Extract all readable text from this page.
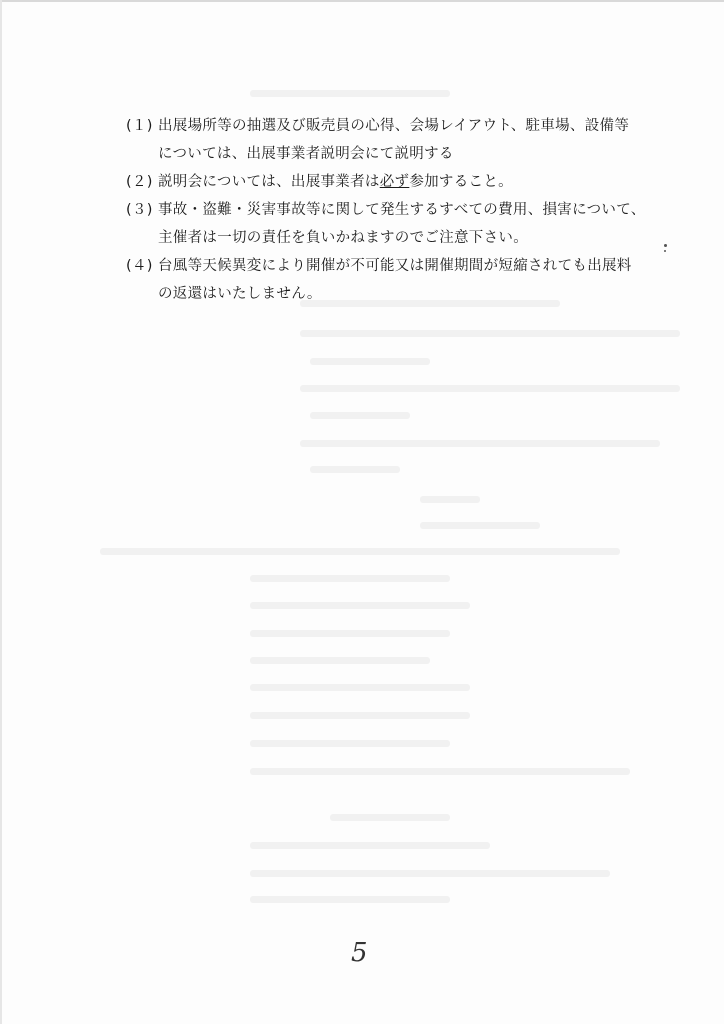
(１) 出展場所等の抽選及び販売員の心得、会場レイアウト、駐車場、設備等
については、出展事業者説明会にて説明する
(２) 説明会については、出展事業者は必ず参加すること。
(３) 事故・盗難・災害事故等に関して発生するすべての費用、損害について、
主催者は一切の責任を負いかねますのでご注意下さい。
(４) 台風等天候異変により開催が不可能又は開催期間が短縮されても出展料
の返還はいたしません。
5
